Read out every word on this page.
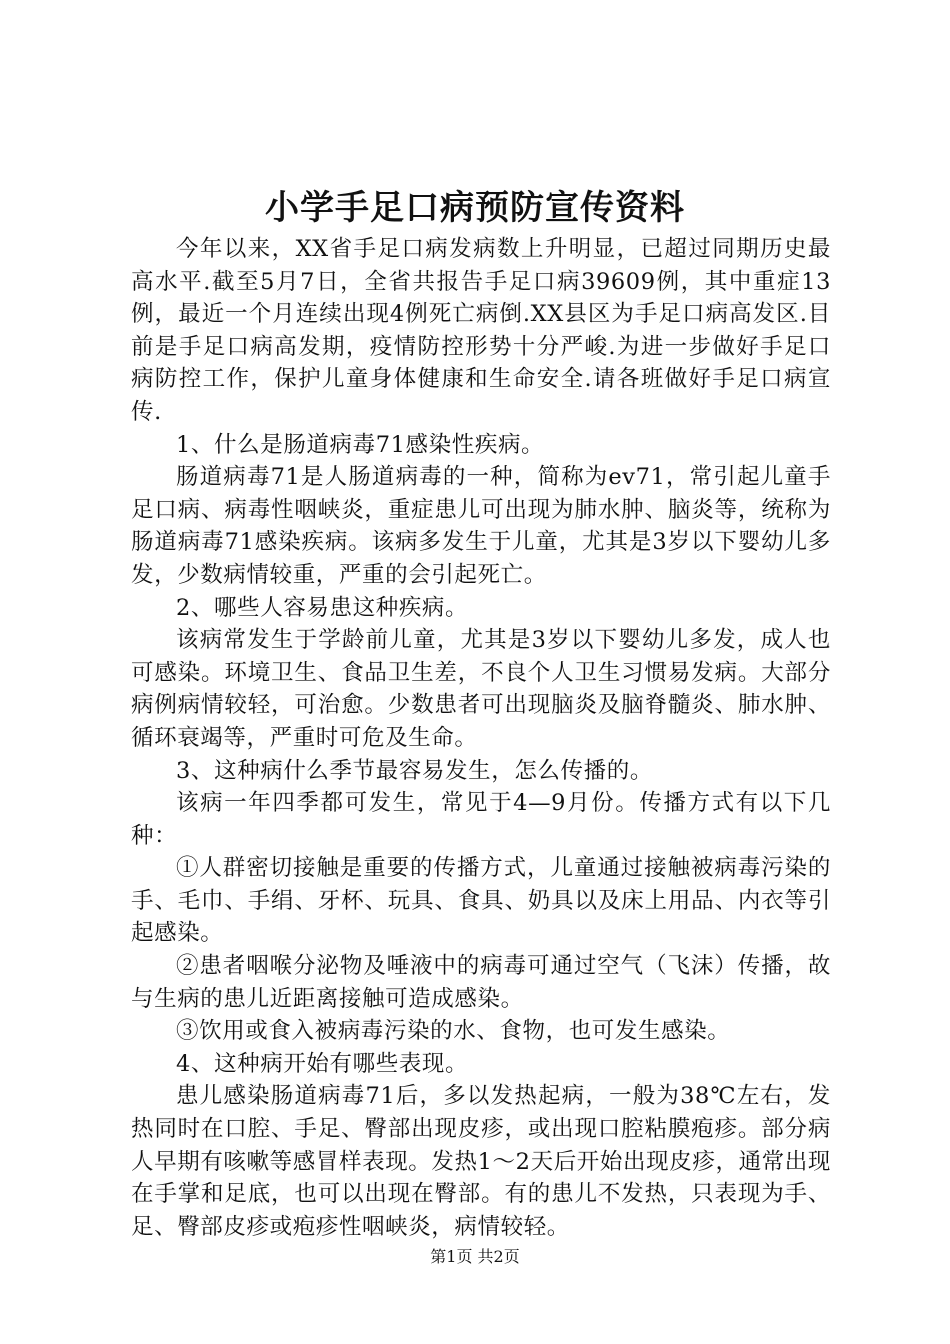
小学手足口病预防宣传资料

今年以来，XX省手足口病发病数上升明显，已超过同期历史最高水平.截至5月7日，全省共报告手足口病39609例，其中重症13例，最近一个月连续出现4例死亡病倒.XX县区为手足口病高发区.目前是手足口病高发期，疫情防控形势十分严峻.为进一步做好手足口病防控工作，保护儿童身体健康和生命安全.请各班做好手足口病宣传.

1、什么是肠道病毒71感染性疾病。

肠道病毒71是人肠道病毒的一种，简称为ev71，常引起儿童手足口病、病毒性咽峡炎，重症患儿可出现为肺水肿、脑炎等，统称为肠道病毒71感染疾病。该病多发生于儿童，尤其是3岁以下婴幼儿多发，少数病情较重，严重的会引起死亡。

2、哪些人容易患这种疾病。

该病常发生于学龄前儿童，尤其是3岁以下婴幼儿多发，成人也可感染。环境卫生、食品卫生差，不良个人卫生习惯易发病。大部分病例病情较轻，可治愈。少数患者可出现脑炎及脑脊髓炎、肺水肿、循环衰竭等，严重时可危及生命。

3、这种病什么季节最容易发生，怎么传播的。

该病一年四季都可发生，常见于4—9月份。传播方式有以下几种：

①人群密切接触是重要的传播方式，儿童通过接触被病毒污染的手、毛巾、手绢、牙杯、玩具、食具、奶具以及床上用品、内衣等引起感染。

②患者咽喉分泌物及唾液中的病毒可通过空气（飞沫）传播，故与生病的患儿近距离接触可造成感染。

③饮用或食入被病毒污染的水、食物，也可发生感染。

4、这种病开始有哪些表现。

患儿感染肠道病毒71后，多以发热起病，一般为38℃左右，发热同时在口腔、手足、臀部出现皮疹，或出现口腔粘膜疱疹。部分病人早期有咳嗽等感冒样表现。发热1～2天后开始出现皮疹，通常出现在手掌和足底，也可以出现在臀部。有的患儿不发热，只表现为手、足、臀部皮疹或疱疹性咽峡炎，病情较轻。

第1页 共2页
